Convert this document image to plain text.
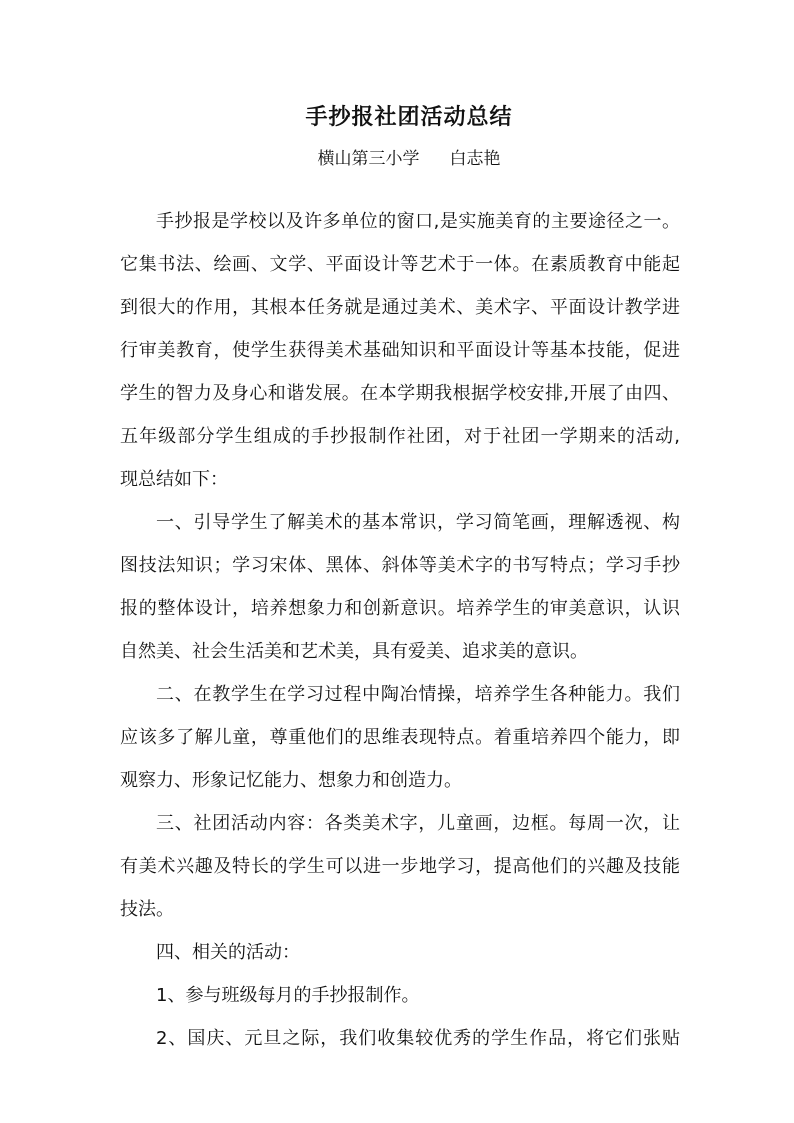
手抄报社团活动总结
横山第三小学 白志艳
手抄报是学校以及许多单位的窗口,是实施美育的主要途径之一。
它集书法、绘画、文学、平面设计等艺术于一体。在素质教育中能起
到很大的作用，其根本任务就是通过美术、美术字、平面设计教学进
行审美教育，使学生获得美术基础知识和平面设计等基本技能，促进
学生的智力及身心和谐发展。在本学期我根据学校安排,开展了由四、
五年级部分学生组成的手抄报制作社团，对于社团一学期来的活动,
现总结如下：
一、引导学生了解美术的基本常识，学习简笔画，理解透视、构
图技法知识；学习宋体、黑体、斜体等美术字的书写特点；学习手抄
报的整体设计，培养想象力和创新意识。培养学生的审美意识，认识
自然美、社会生活美和艺术美，具有爱美、追求美的意识。
二、在教学生在学习过程中陶冶情操，培养学生各种能力。我们
应该多了解儿童，尊重他们的思维表现特点。着重培养四个能力，即
观察力、形象记忆能力、想象力和创造力。
三、社团活动内容：各类美术字，儿童画，边框。每周一次，让
有美术兴趣及特长的学生可以进一步地学习，提高他们的兴趣及技能
技法。
四、相关的活动：
1、参与班级每月的手抄报制作。
2、国庆、元旦之际，我们收集较优秀的学生作品，将它们张贴
